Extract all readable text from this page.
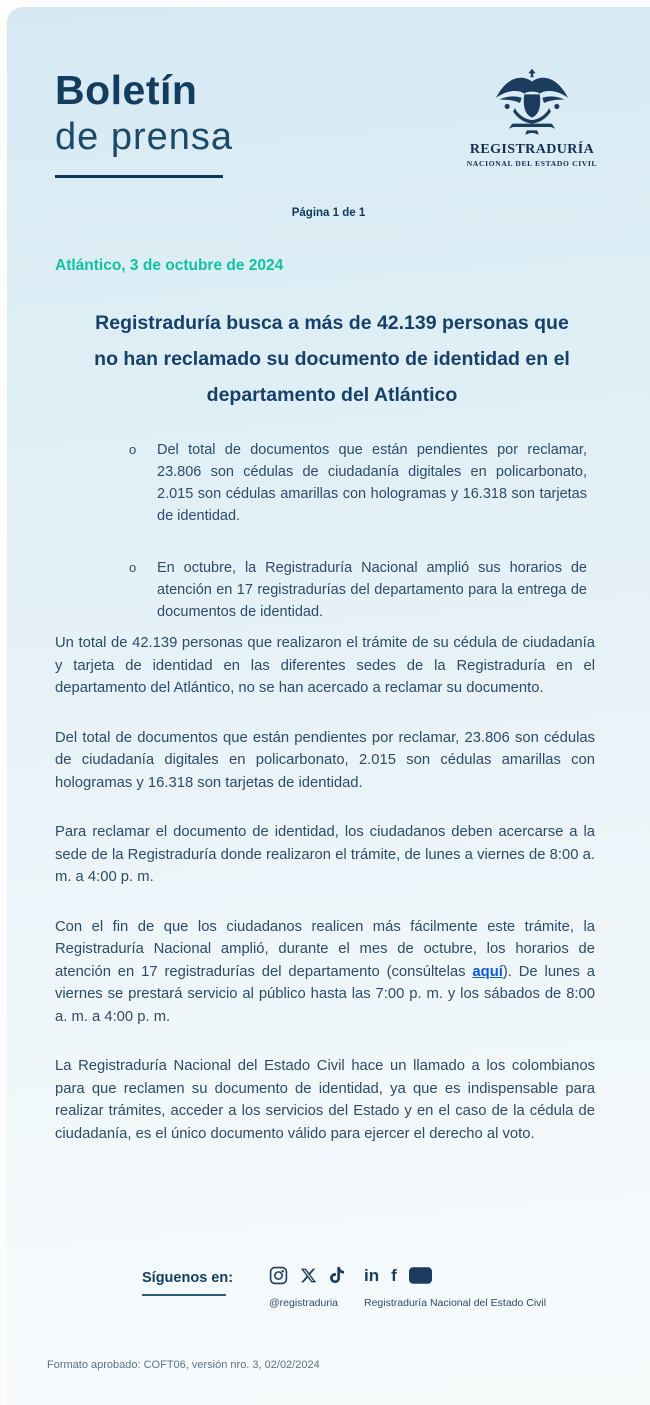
Boletín
de prensa	REGISTRADURÍA
NACIONAL DEL ESTADO CIVIL
Página 1 de 1
Atlántico, 3 de octubre de 2024
Registraduría busca a más de 42.139 personas que no han reclamado su documento de identidad en el departamento del Atlántico
o	Del total de documentos que están pendientes por reclamar, 23.806 son cédulas de ciudadanía digitales en policarbonato, 2.015 son cédulas amarillas con hologramas y 16.318 son tarjetas de identidad.
o	En octubre, la Registraduría Nacional amplió sus horarios de atención en 17 registradurías del departamento para la entrega de documentos de identidad.

Un total de 42.139 personas que realizaron el trámite de su cédula de ciudadanía y tarjeta de identidad en las diferentes sedes de la Registraduría en el departamento del Atlántico, no se han acercado a reclamar su documento.

Del total de documentos que están pendientes por reclamar, 23.806 son cédulas de ciudadanía digitales en policarbonato, 2.015 son cédulas amarillas con hologramas y 16.318 son tarjetas de identidad.

Para reclamar el documento de identidad, los ciudadanos deben acercarse a la sede de la Registraduría donde realizaron el trámite, de lunes a viernes de 8:00 a. m. a 4:00 p. m.

Con el fin de que los ciudadanos realicen más fácilmente este trámite, la Registraduría Nacional amplió, durante el mes de octubre, los horarios de atención en 17 registradurías del departamento (consúltelas aquí). De lunes a viernes se prestará servicio al público hasta las 7:00 p. m. y los sábados de 8:00 a. m. a 4:00 p. m.

La Registraduría Nacional del Estado Civil hace un llamado a los colombianos para que reclamen su documento de identidad, ya que es indispensable para realizar trámites, acceder a los servicios del Estado y en el caso de la cédula de ciudadanía, es el único documento válido para ejercer el derecho al voto.

Síguenos en:
@registraduria
in f
Registraduría Nacional del Estado Civil
Formato aprobado: COFT06, versión nro. 3, 02/02/2024
